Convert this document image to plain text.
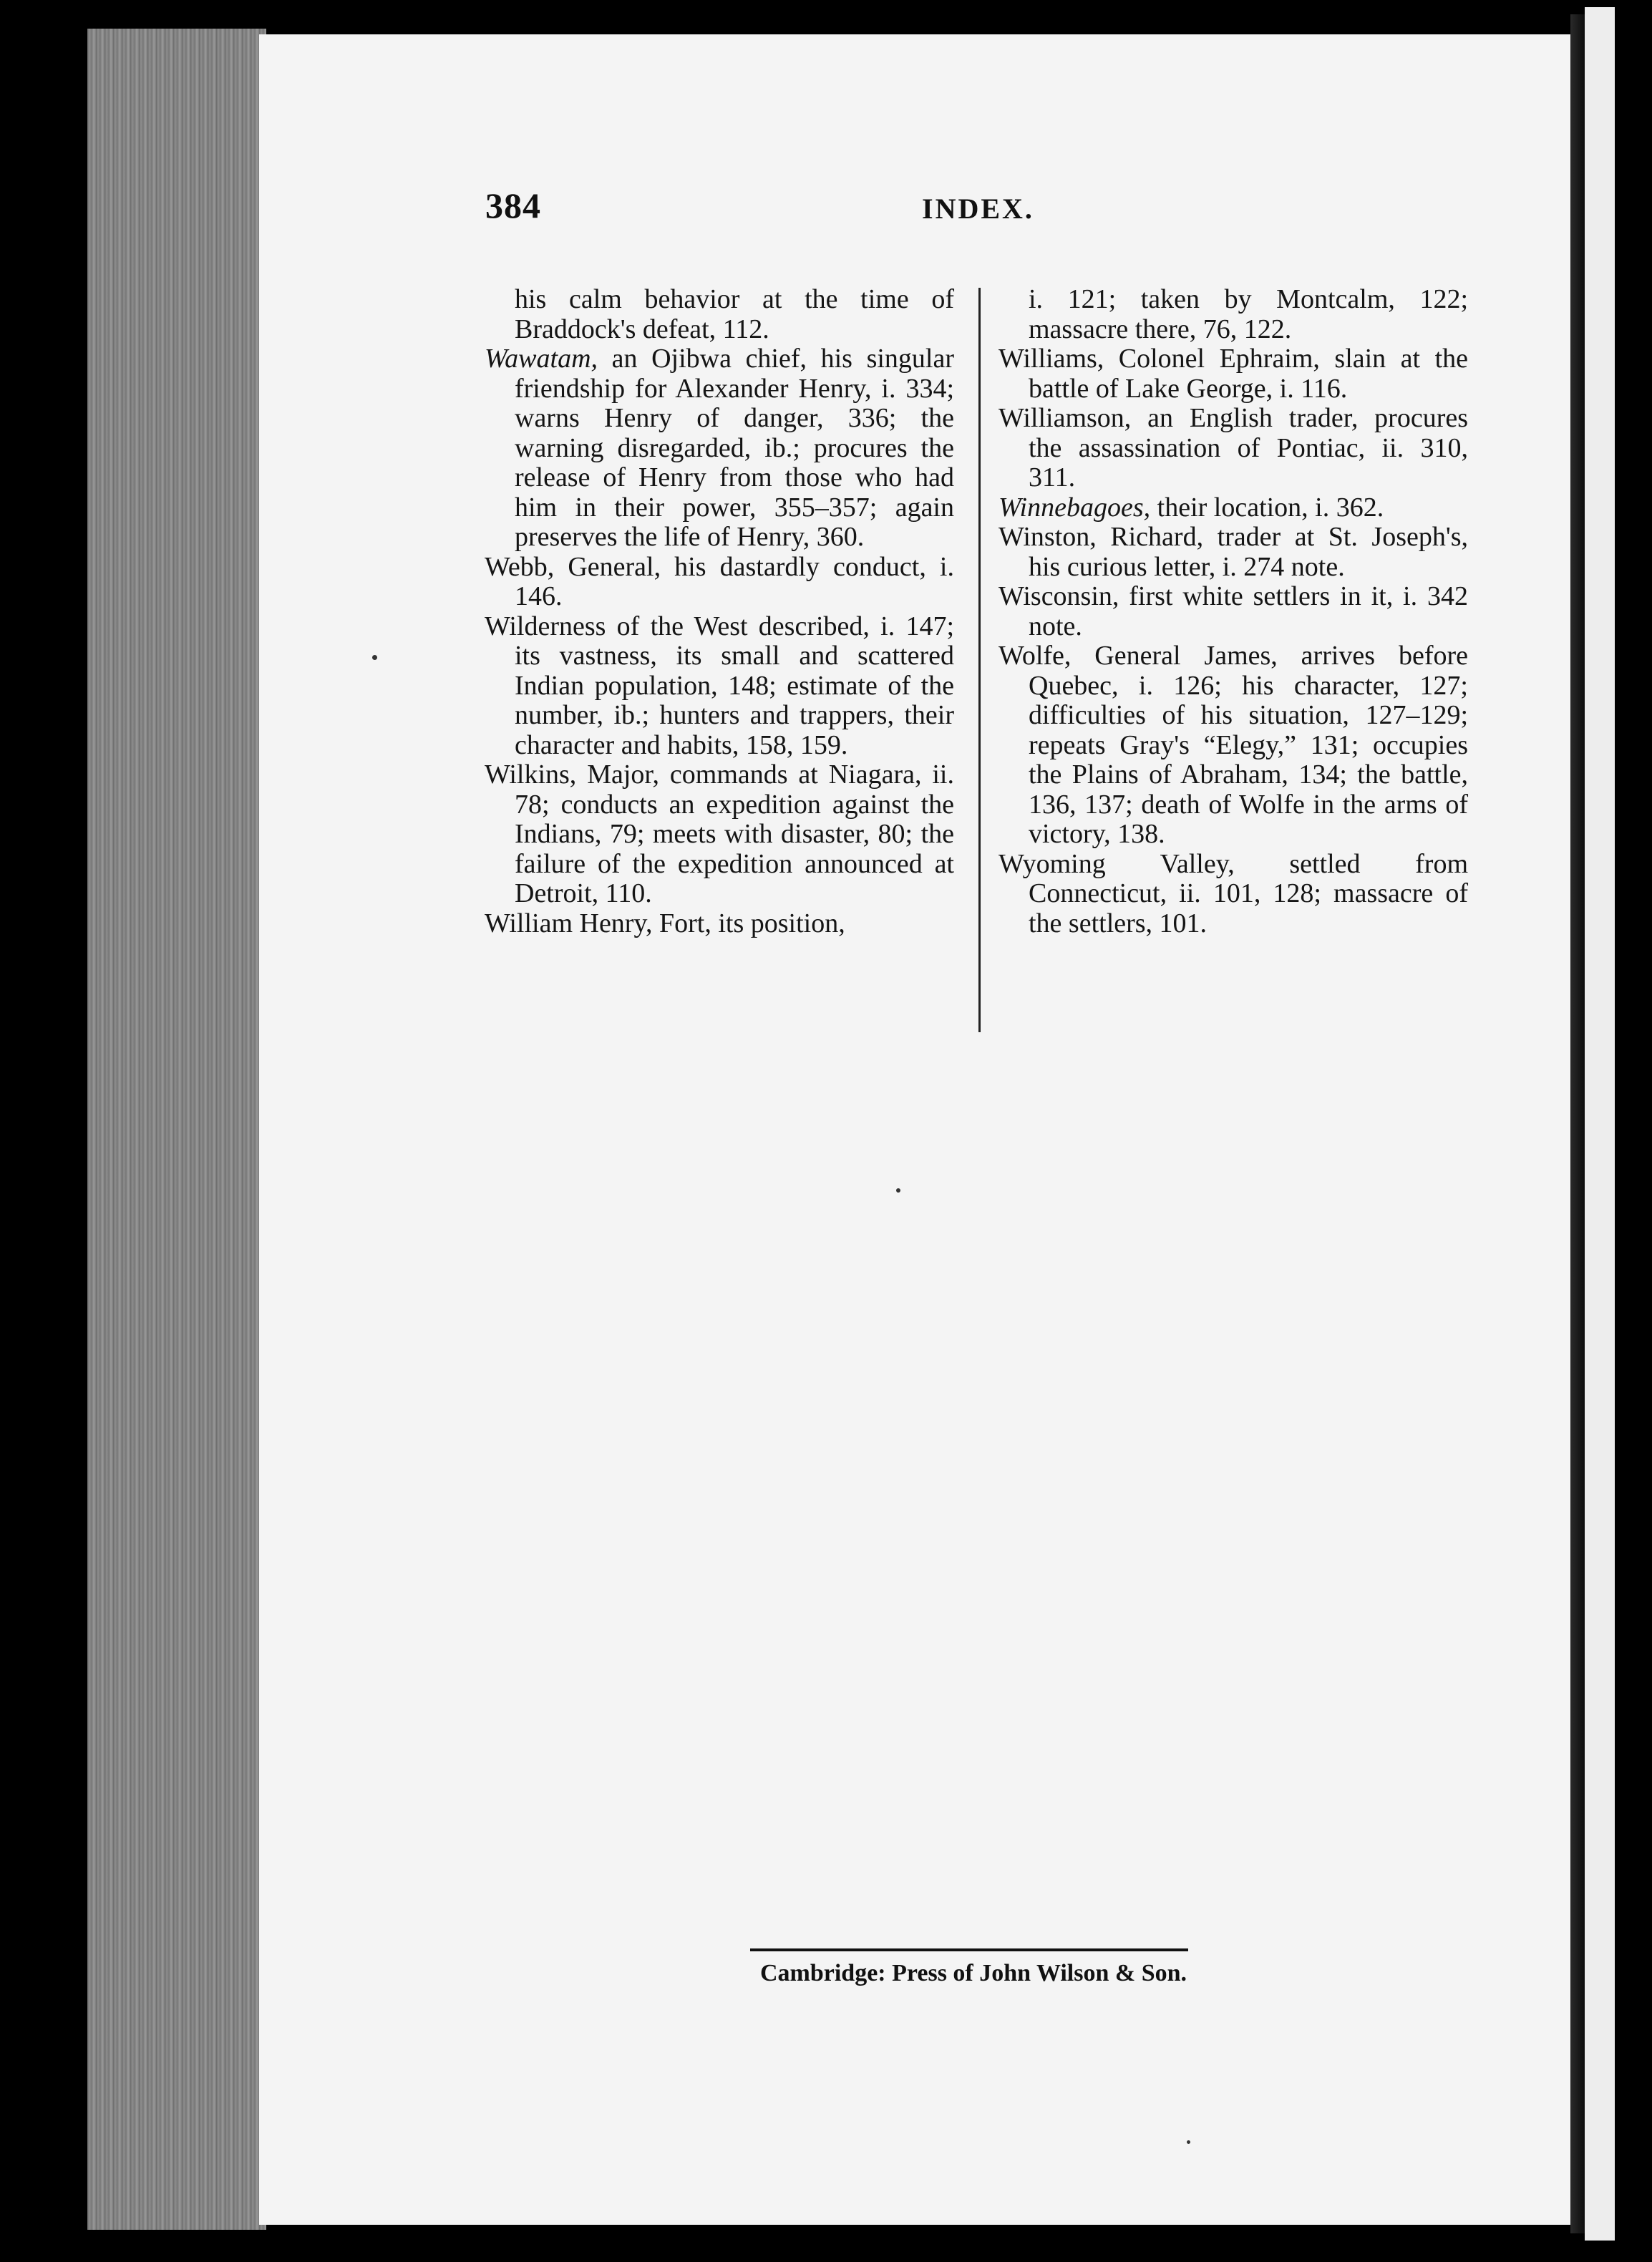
384	INDEX.

his calm behavior at the time of Braddock's defeat, 112.

Wawatam, an Ojibwa chief, his singular friendship for Alexander Henry, i. 334; warns Henry of danger, 336; the warning disregarded, ib.; procures the release of Henry from those who had him in their power, 355–357; again preserves the life of Henry, 360.

Webb, General, his dastardly conduct, i. 146.

Wilderness of the West described, i. 147; its vastness, its small and scattered Indian population, 148; estimate of the number, ib.; hunters and trappers, their character and habits, 158, 159.

Wilkins, Major, commands at Niagara, ii. 78; conducts an expedition against the Indians, 79; meets with disaster, 80; the failure of the expedition announced at Detroit, 110.

William Henry, Fort, its position,

i. 121; taken by Montcalm, 122; massacre there, 76, 122.

Williams, Colonel Ephraim, slain at the battle of Lake George, i. 116.

Williamson, an English trader, procures the assassination of Pontiac, ii. 310, 311.

Winnebagoes, their location, i. 362.

Winston, Richard, trader at St. Joseph's, his curious letter, i. 274 note.

Wisconsin, first white settlers in it, i. 342 note.

Wolfe, General James, arrives before Quebec, i. 126; his character, 127; difficulties of his situation, 127–129; repeats Gray's “Elegy,” 131; occupies the Plains of Abraham, 134; the battle, 136, 137; death of Wolfe in the arms of victory, 138.

Wyoming Valley, settled from Connecticut, ii. 101, 128; massacre of the settlers, 101.

Cambridge: Press of John Wilson & Son.
